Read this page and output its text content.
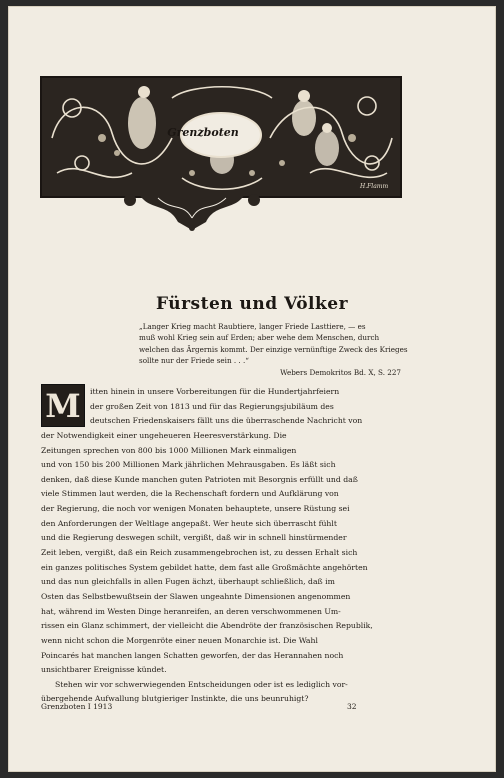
H.Flamm
Grenzboten
Fürsten und Völker
„Langer Krieg macht Raubtiere, langer Friede Lasttiere, — es
muß wohl Krieg sein auf Erden; aber wehe dem Menschen, durch
welchen das Ärgernis kommt. Der einzige vernünftige Zweck des Krieges
sollte nur der Friede sein . . .“
Webers Demokritos Bd. X, S. 227
M	itten hinein in unsere Vorbereitungen für die Hundertjahrfeiern
der großen Zeit von 1813 und für das Regierungsjubiläum des
deutschen Friedenskaisers fällt uns die überraschende Nachricht von
der Notwendigkeit einer ungeheueren Heeresverstärkung. Die
Zeitungen sprechen von 800 bis 1000 Millionen Mark einmaligen
und von 150 bis 200 Millionen Mark jährlichen Mehrausgaben. Es läßt sich
denken, daß diese Kunde manchen guten Patrioten mit Besorgnis erfüllt und daß
viele Stimmen laut werden, die la Rechenschaft fordern und Aufklärung von
der Regierung, die noch vor wenigen Monaten behauptete, unsere Rüstung sei
den Anforderungen der Weltlage angepaßt. Wer heute sich überrascht fühlt
und die Regierung deswegen schilt, vergißt, daß wir in schnell hinstürmender
Zeit leben, vergißt, daß ein Reich zusammengebrochen ist, zu dessen Erhalt sich
ein ganzes politisches System gebildet hatte, dem fast alle Großmächte angehörten
und das nun gleichfalls in allen Fugen ächzt, überhaupt schließlich, daß im
Osten das Selbstbewußtsein der Slawen ungeahnte Dimensionen angenommen
hat, während im Westen Dinge heranreifen, an deren verschwommenen Um-
rissen ein Glanz schimmert, der vielleicht die Abendröte der französischen Republik,
wenn nicht schon die Morgenröte einer neuen Monarchie ist. Die Wahl
Poincarés hat manchen langen Schatten geworfen, der das Herannahen noch
unsichtbarer Ereignisse kündet.
Stehen wir vor schwerwiegenden Entscheidungen oder ist es lediglich vor-
übergehende Aufwallung blutgieriger Instinkte, die uns beunruhigt?
Grenzboten I 1913	32
